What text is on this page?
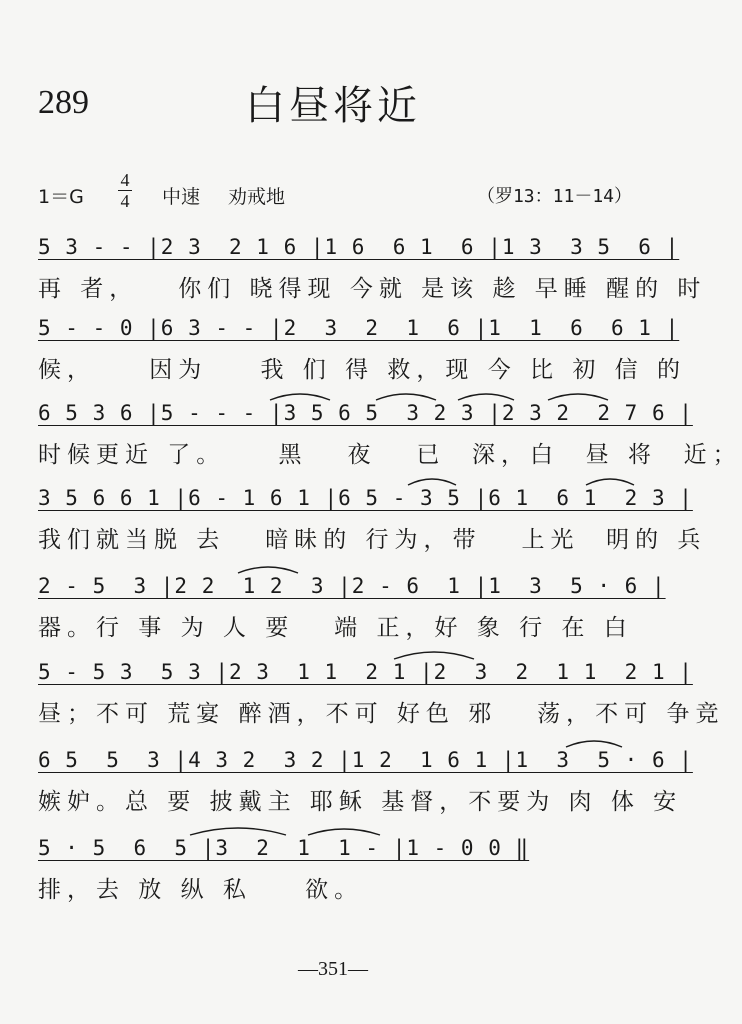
289	白昼将近
1＝G
4
4 中速 劝戒地	（罗13：11－14）
5 3 - - |2 3  2 1 6 |1 6  6 1  6 |1 3  3 5  6 |
再 者，   你们 晓得现 今就 是该 趁 早睡 醒的 时
5 - - 0 |6 3 - - |2  3  2  1  6 |1  1  6  6 1 |
候，    因为    我 们 得 救，现 今 比 初 信 的
6 5 3 6 |5 - - - |3 5 6 5  3 2 3 |2 3 2  2 7 6 |
时候更近 了。    黑   夜   已  深，白  昼 将  近；
3 5 6 6 1 |6 - 1 6 1 |6 5 - 3 5 |6 1  6 1  2 3 |
我们就当脱 去   暗昧的 行为，带   上光  明的 兵
2 - 5  3 |2 2  1 2  3 |2 - 6  1 |1  3  5 · 6 |
器。行 事 为 人 要   端 正，好 象 行 在 白
5 - 5 3  5 3 |2 3  1 1  2 1 |2  3  2  1 1  2 1 |
昼；不可 荒宴 醉酒，不可 好色 邪   荡，不可 争竞
6 5  5  3 |4 3 2  3 2 |1 2  1 6 1 |1  3  5 · 6 |
嫉妒。总 要 披戴主 耶稣 基督，不要为 肉 体 安
5 · 5  6  5 |3  2  1  1 - |1 - 0 0 ‖
排，去 放 纵 私    欲。
—351—
